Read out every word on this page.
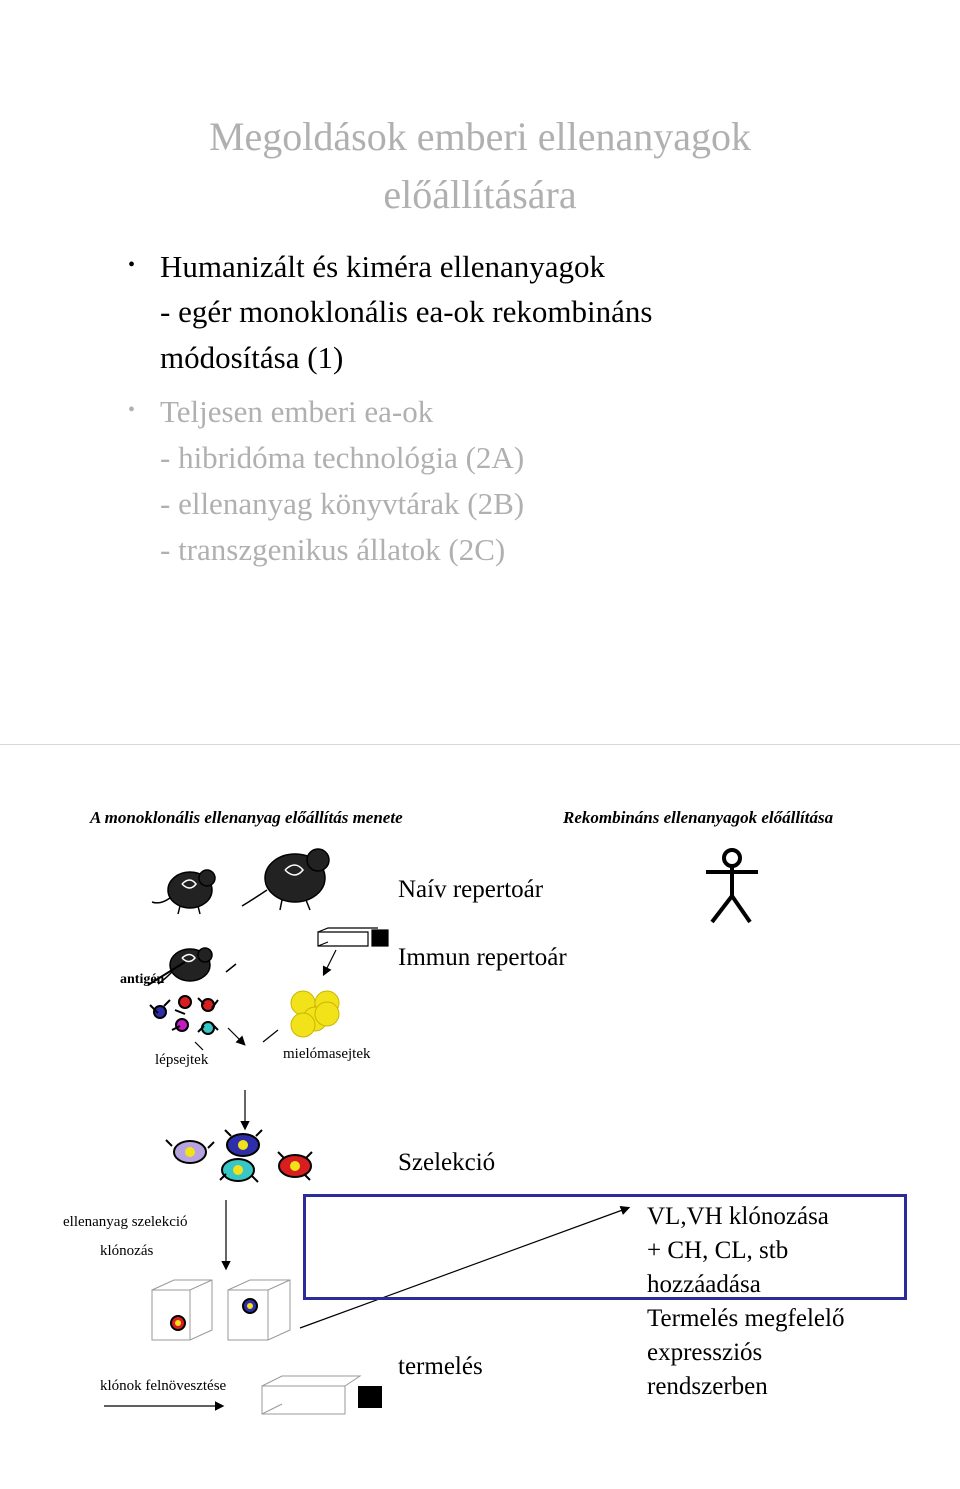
Megoldások emberi ellenanyagok
előállítására
• Humanizált és kiméra ellenanyagok
- egér monoklonális ea-ok rekombináns
módosítása (1)
• Teljesen emberi ea-ok
- hibridóma technológia (2A)
- ellenanyag könyvtárak (2B)
- transzgenikus állatok (2C)
A monoklonális ellenanyag előállítás menete	Rekombináns ellenanyagok előállítása
Naív repertoár
Immun repertoár
antigén
lépsejtek	mielómasejtek
Szelekció
ellenanyag szelekció
klónozás
klónok felnövesztése
termelés
VL,VH klónozása
+ CH, CL, stb
hozzáadása
Termelés megfelelő
expressziós
rendszerben
